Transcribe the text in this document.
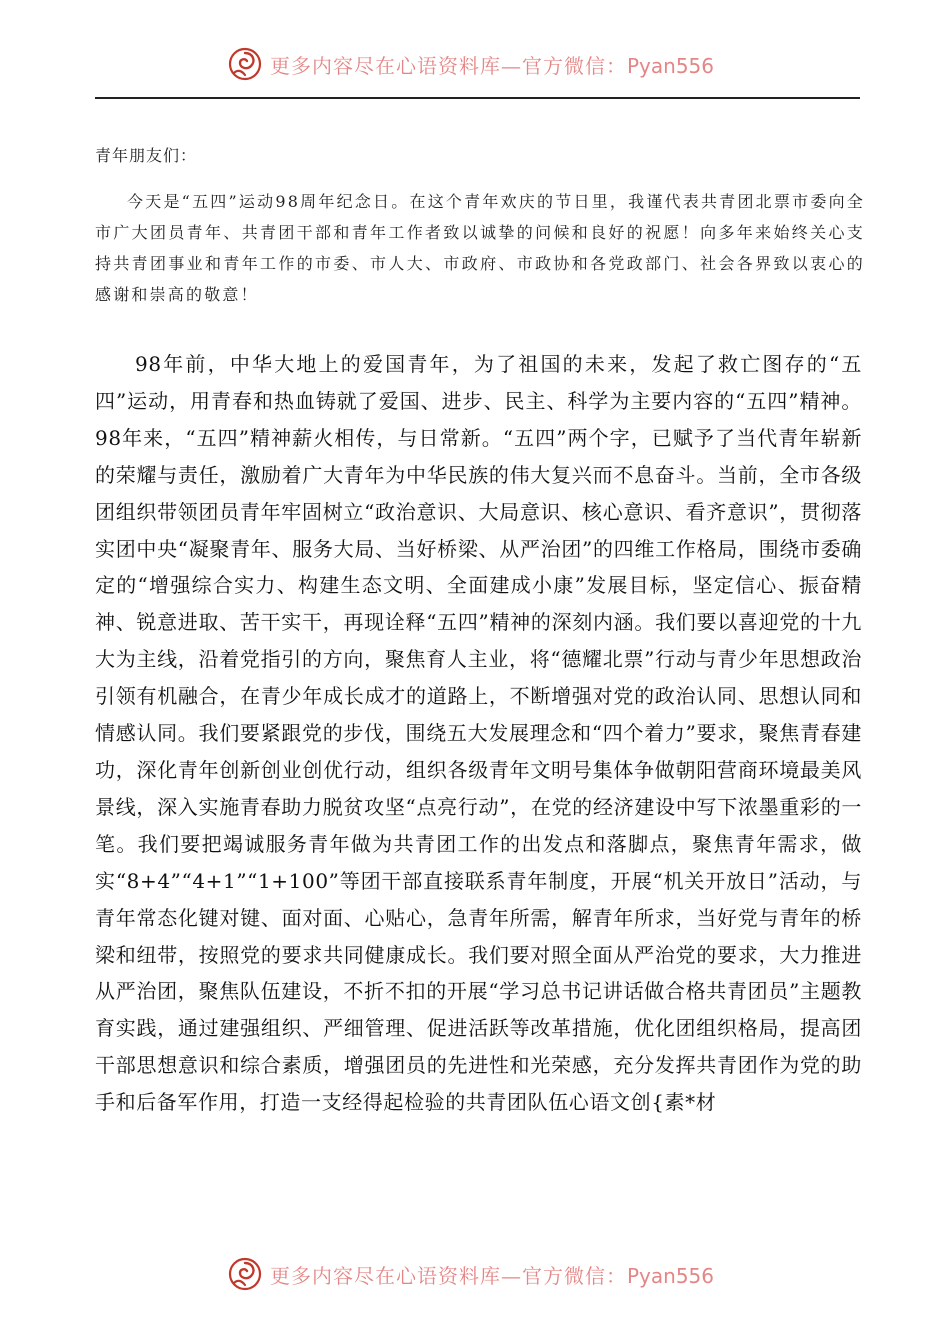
更多内容尽在心语资料库—官方微信：Pyan556
青年朋友们：

今天是“五四”运动98周年纪念日。在这个青年欢庆的节日里，我谨代表共青团北票市委向全市广大团员青年、共青团干部和青年工作者致以诚挚的问候和良好的祝愿！向多年来始终关心支持共青团事业和青年工作的市委、市人大、市政府、市政协和各党政部门、社会各界致以衷心的感谢和崇高的敬意！

98年前，中华大地上的爱国青年，为了祖国的未来，发起了救亡图存的“五四”运动，用青春和热血铸就了爱国、进步、民主、科学为主要内容的“五四”精神。98年来，“五四”精神薪火相传，与日常新。“五四”两个字，已赋予了当代青年崭新的荣耀与责任，激励着广大青年为中华民族的伟大复兴而不息奋斗。当前，全市各级团组织带领团员青年牢固树立“政治意识、大局意识、核心意识、看齐意识”，贯彻落实团中央“凝聚青年、服务大局、当好桥梁、从严治团”的四维工作格局，围绕市委确定的“增强综合实力、构建生态文明、全面建成小康”发展目标，坚定信心、振奋精神、锐意进取、苦干实干，再现诠释“五四”精神的深刻内涵。我们要以喜迎党的十九大为主线，沿着党指引的方向，聚焦育人主业，将“德耀北票”行动与青少年思想政治引领有机融合，在青少年成长成才的道路上，不断增强对党的政治认同、思想认同和情感认同。我们要紧跟党的步伐，围绕五大发展理念和“四个着力”要求，聚焦青春建功，深化青年创新创业创优行动，组织各级青年文明号集体争做朝阳营商环境最美风景线，深入实施青春助力脱贫攻坚“点亮行动”，在党的经济建设中写下浓墨重彩的一笔。我们要把竭诚服务青年做为共青团工作的出发点和落脚点，聚焦青年需求，做实“8+4”“4+1”“1+100”等团干部直接联系青年制度，开展“机关开放日”活动，与青年常态化键对键、面对面、心贴心，急青年所需，解青年所求，当好党与青年的桥梁和纽带，按照党的要求共同健康成长。我们要对照全面从严治党的要求，大力推进从严治团，聚焦队伍建设，不折不扣的开展“学习总书记讲话做合格共青团员”主题教育实践，通过建强组织、严细管理、促进活跃等改革措施，优化团组织格局，提高团干部思想意识和综合素质，增强团员的先进性和光荣感，充分发挥共青团作为党的助手和后备军作用，打造一支经得起检验的共青团队伍心语文创{素*材

更多内容尽在心语资料库—官方微信：Pyan556
